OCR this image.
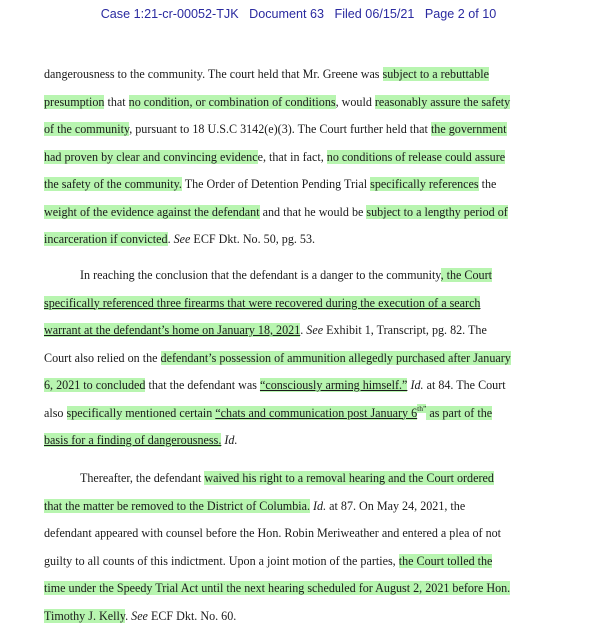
Case 1:21-cr-00052-TJK Document 63 Filed 06/15/21 Page 2 of 10
dangerousness to the community. The court held that Mr. Greene was subject to a rebuttable
presumption that no condition, or combination of conditions, would reasonably assure the safety
of the community, pursuant to 18 U.S.C 3142(e)(3). The Court further held that the government
had proven by clear and convincing evidence, that in fact, no conditions of release could assure
the safety of the community. The Order of Detention Pending Trial specifically references the
weight of the evidence against the defendant and that he would be subject to a lengthy period of
incarceration if convicted. See ECF Dkt. No. 50, pg. 53.
In reaching the conclusion that the defendant is a danger to the community, the Court
specifically referenced three firearms that were recovered during the execution of a search
warrant at the defendant’s home on January 18, 2021. See Exhibit 1, Transcript, pg. 82. The
Court also relied on the defendant’s possession of ammunition allegedly purchased after January
6, 2021 to concluded that the defendant was “consciously arming himself.” Id. at 84. The Court
also specifically mentioned certain “chats and communication post January $6^{th”}$ as part of the
basis for a finding of dangerousness. Id.
Thereafter, the defendant waived his right to a removal hearing and the Court ordered
that the matter be removed to the District of Columbia. Id. at 87. On May 24, 2021, the
defendant appeared with counsel before the Hon. Robin Meriweather and entered a plea of not
guilty to all counts of this indictment. Upon a joint motion of the parties, the Court tolled the
time under the Speedy Trial Act until the next hearing scheduled for August 2, 2021 before Hon.
Timothy J. Kelly. See ECF Dkt. No. 60.
